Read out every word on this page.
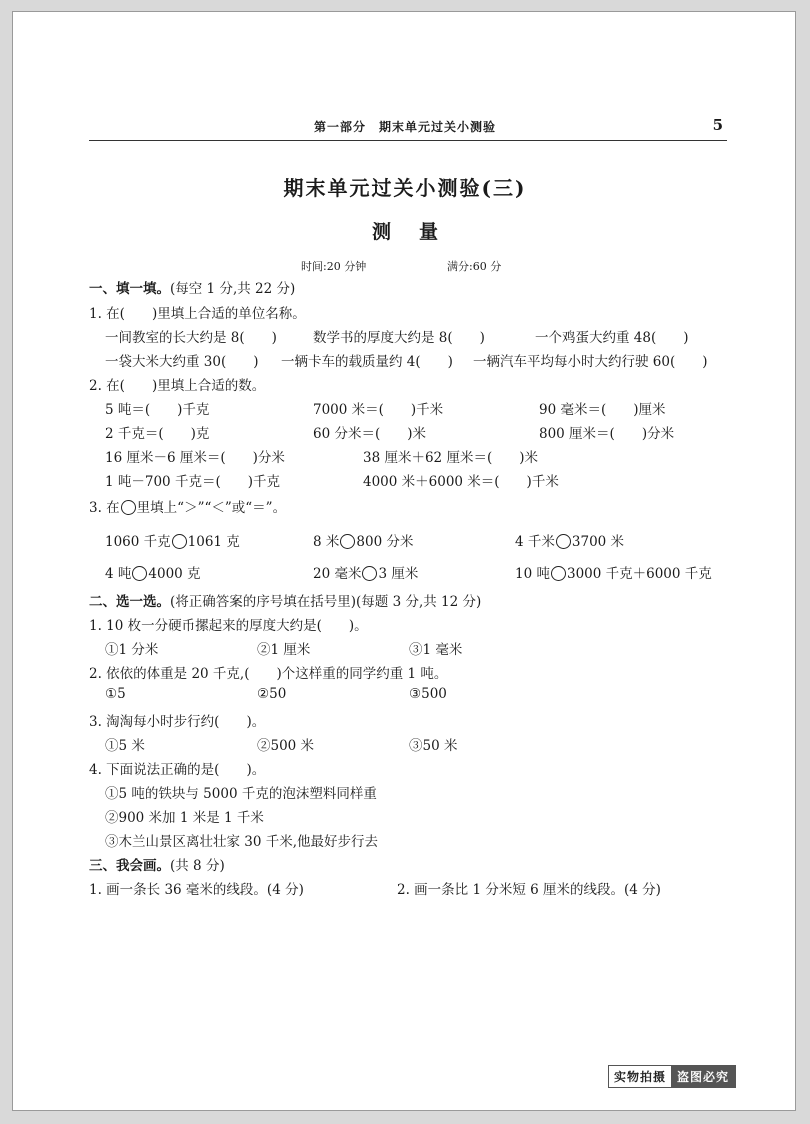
第一部分　期末单元过关小测验	5
期末单元过关小测验(三)
测 量
时间:20 分钟	满分:60 分
一、填一填。(每空 1 分,共 22 分)
1. 在(　　)里填上合适的单位名称。
一间教室的长大约是 8(　　)	数学书的厚度大约是 8(　　)	一个鸡蛋大约重 48(　　)
一袋大米大约重 30(　　) 一辆卡车的载质量约 4(　　) 一辆汽车平均每小时大约行驶 60(　　)
2. 在(　　)里填上合适的数。
5 吨＝(　　)千克	7000 米＝(　　)千米	90 毫米＝(　　)厘米
2 千克＝(　　)克	60 分米＝(　　)米	800 厘米＝(　　)分米
16 厘米－6 厘米＝(　　)分米	38 厘米＋62 厘米＝(　　)米
1 吨－700 千克＝(　　)千克	4000 米＋6000 米＝(　　)千米
3. 在 里填上“＞”“＜”或“＝”。
1060 千克 1061 克	8 米 800 分米	4 千米 3700 米
4 吨 4000 克	20 毫米 3 厘米	10 吨 3000 千克＋6000 千克
二、选一选。(将正确答案的序号填在括号里)(每题 3 分,共 12 分)
1. 10 枚一分硬币摞起来的厚度大约是(　　)。
①1 分米	②1 厘米	③1 毫米
2. 依依的体重是 20 千克,(　　)个这样重的同学约重 1 吨。
①5	②50	③500
3. 淘淘每小时步行约(　　)。
①5 米	②500 米	③50 米
4. 下面说法正确的是(　　)。
①5 吨的铁块与 5000 千克的泡沫塑料同样重
②900 米加 1 米是 1 千米
③木兰山景区离壮壮家 30 千米,他最好步行去
三、我会画。(共 8 分)
1. 画一条长 36 毫米的线段。(4 分)	2. 画一条比 1 分米短 6 厘米的线段。(4 分)
实物拍摄 盗图必究
